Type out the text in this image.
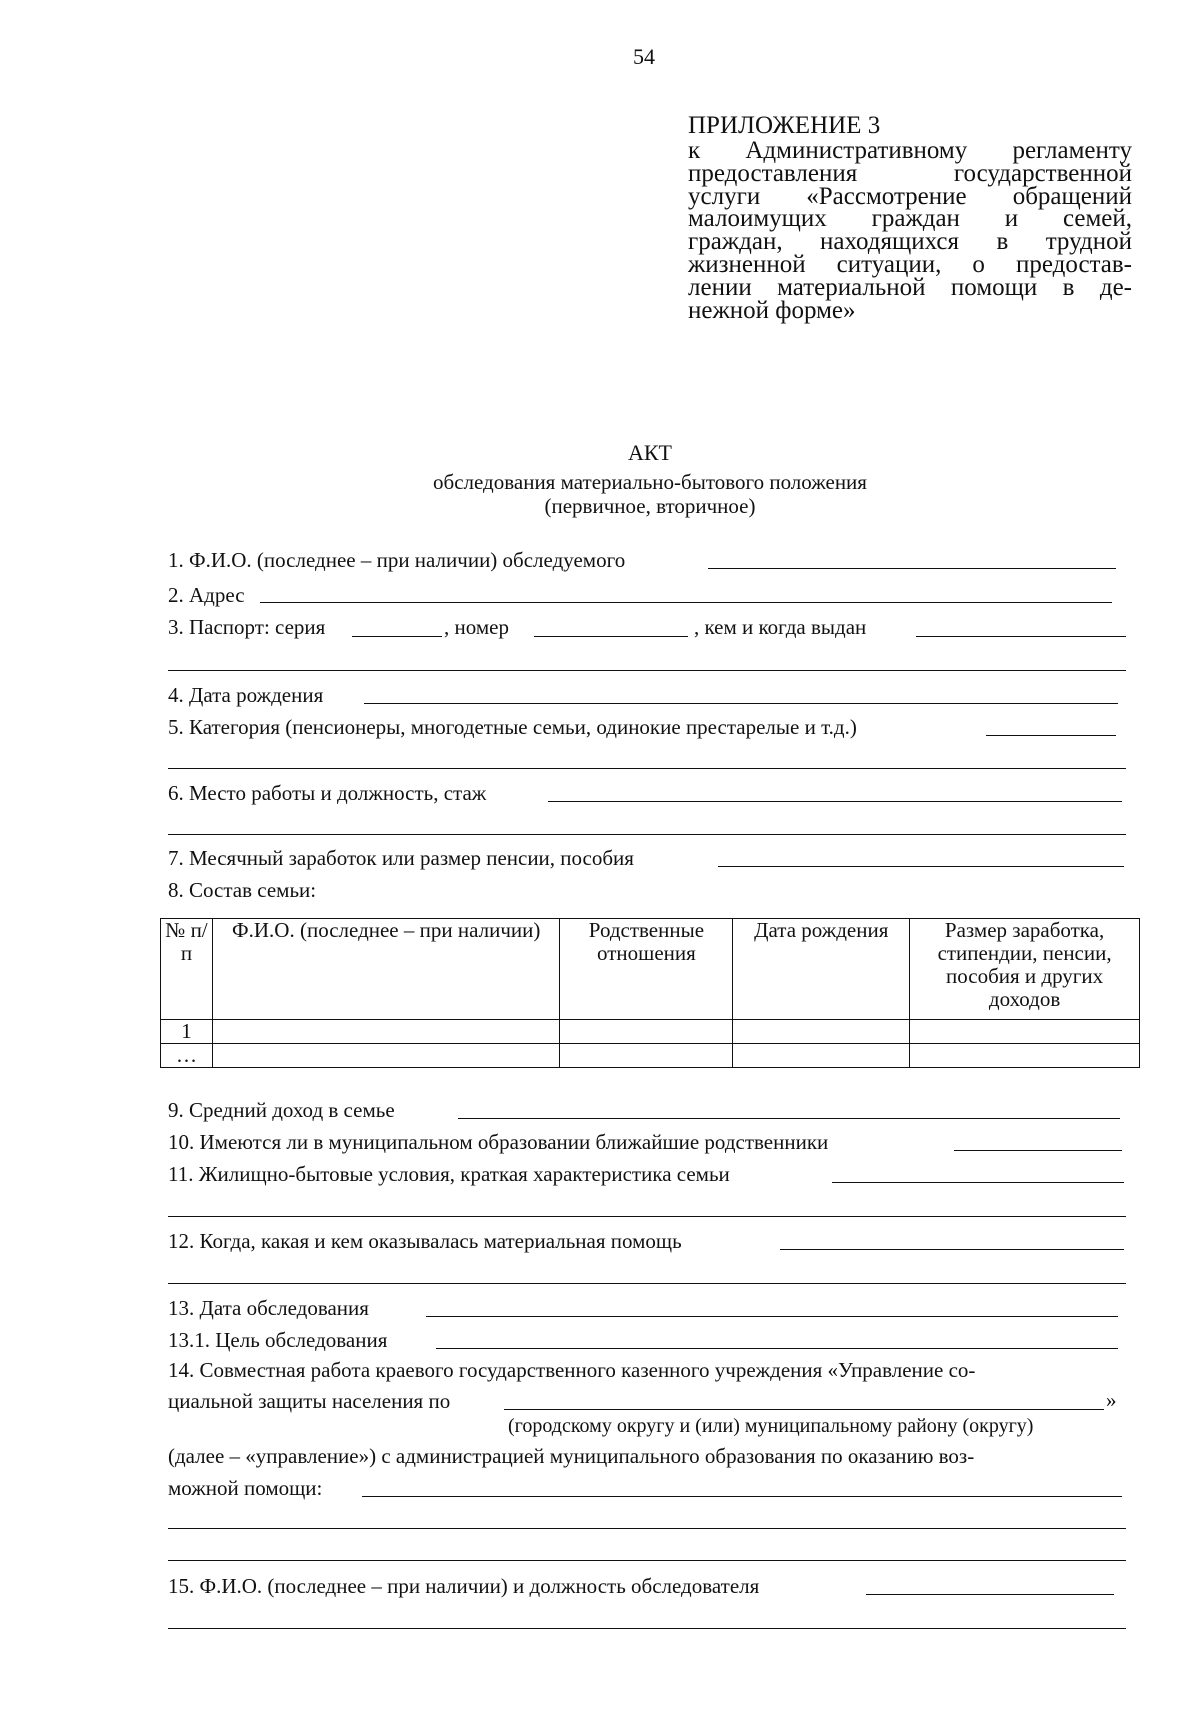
54
ПРИЛОЖЕНИЕ 3
к Административному регламенту
предоставления государственной
услуги «Рассмотрение обращений
малоимущих граждан и семей,
граждан, находящихся в трудной
жизненной ситуации, о предостав-
лении материальной помощи в де-
нежной форме»
АКТ
обследования материально-бытового положения
(первичное, вторичное)
1. Ф.И.О. (последнее – при наличии) обследуемого
2. Адрес
3. Паспорт: серия	, номер	, кем и когда выдан
4. Дата рождения
5. Категория (пенсионеры, многодетные семьи, одинокие престарелые и т.д.)
6. Место работы и должность, стаж
7. Месячный заработок или размер пенсии, пособия
8. Состав семьи:
№ п/п	Ф.И.О. (последнее – при наличии)	Родственные отношения	Дата рождения	Размер заработка, стипендии, пенсии, пособия и других доходов
1				
…				
9. Средний доход в семье
10. Имеются ли в муниципальном образовании ближайшие родственники
11. Жилищно-бытовые условия, краткая характеристика семьи
12. Когда, какая и кем оказывалась материальная помощь
13. Дата обследования
13.1. Цель обследования
14. Совместная работа краевого государственного казенного учреждения «Управление со-
циальной защиты населения по	»
(городскому округу и (или) муниципальному району (округу)
(далее – «управление») с администрацией муниципального образования по оказанию воз-
можной помощи:
15. Ф.И.О. (последнее – при наличии) и должность обследователя
